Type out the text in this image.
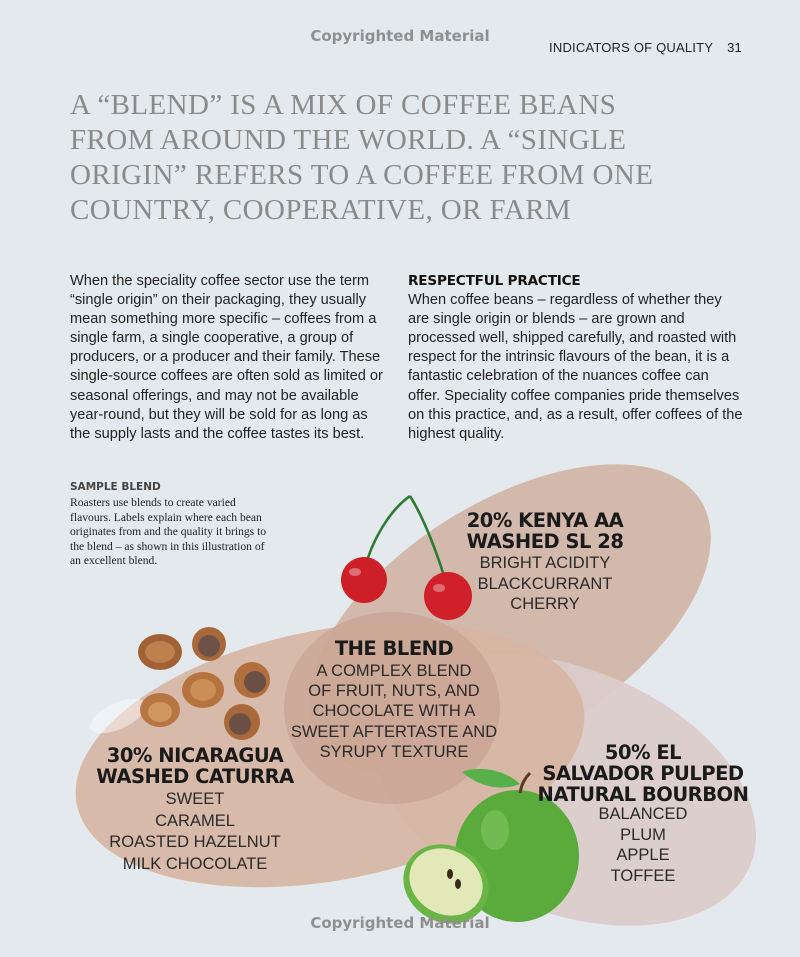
Copyrighted Material
INDICATORS OF QUALITY 31
A “BLEND” IS A MIX OF COFFEE BEANS FROM AROUND THE WORLD. A “SINGLE ORIGIN” REFERS TO A COFFEE FROM ONE COUNTRY, COOPERATIVE, OR FARM

When the speciality coffee sector use the term “single origin” on their packaging, they usually mean something more specific – coffees from a single farm, a single cooperative, a group of producers, or a producer and their family. These single-source coffees are often sold as limited or seasonal offerings, and may not be available year-round, but they will be sold for as long as the supply lasts and the coffee tastes its best.

RESPECTFUL PRACTICE
When coffee beans – regardless of whether they are single origin or blends – are grown and processed well, shipped carefully, and roasted with respect for the intrinsic flavours of the bean, it is a fantastic celebration of the nuances coffee can offer. Speciality coffee companies pride themselves on this practice, and, as a result, offer coffees of the highest quality.
SAMPLE BLEND

Roasters use blends to create varied flavours. Labels explain where each bean originates from and the quality it brings to the blend – as shown in this illustration of an excellent blend.

20% KENYA AA
WASHED SL 28
BRIGHT ACIDITY
BLACKCURRANT
CHERRY
THE BLEND
A COMPLEX BLEND
OF FRUIT, NUTS, AND
CHOCOLATE WITH A
SWEET AFTERTASTE AND
SYRUPY TEXTURE
30% NICARAGUA
WASHED CATURRA
SWEET
CARAMEL
ROASTED HAZELNUT
MILK CHOCOLATE
50% EL
SALVADOR PULPED
NATURAL BOURBON
BALANCED
PLUM
APPLE
TOFFEE
Copyrighted Material
